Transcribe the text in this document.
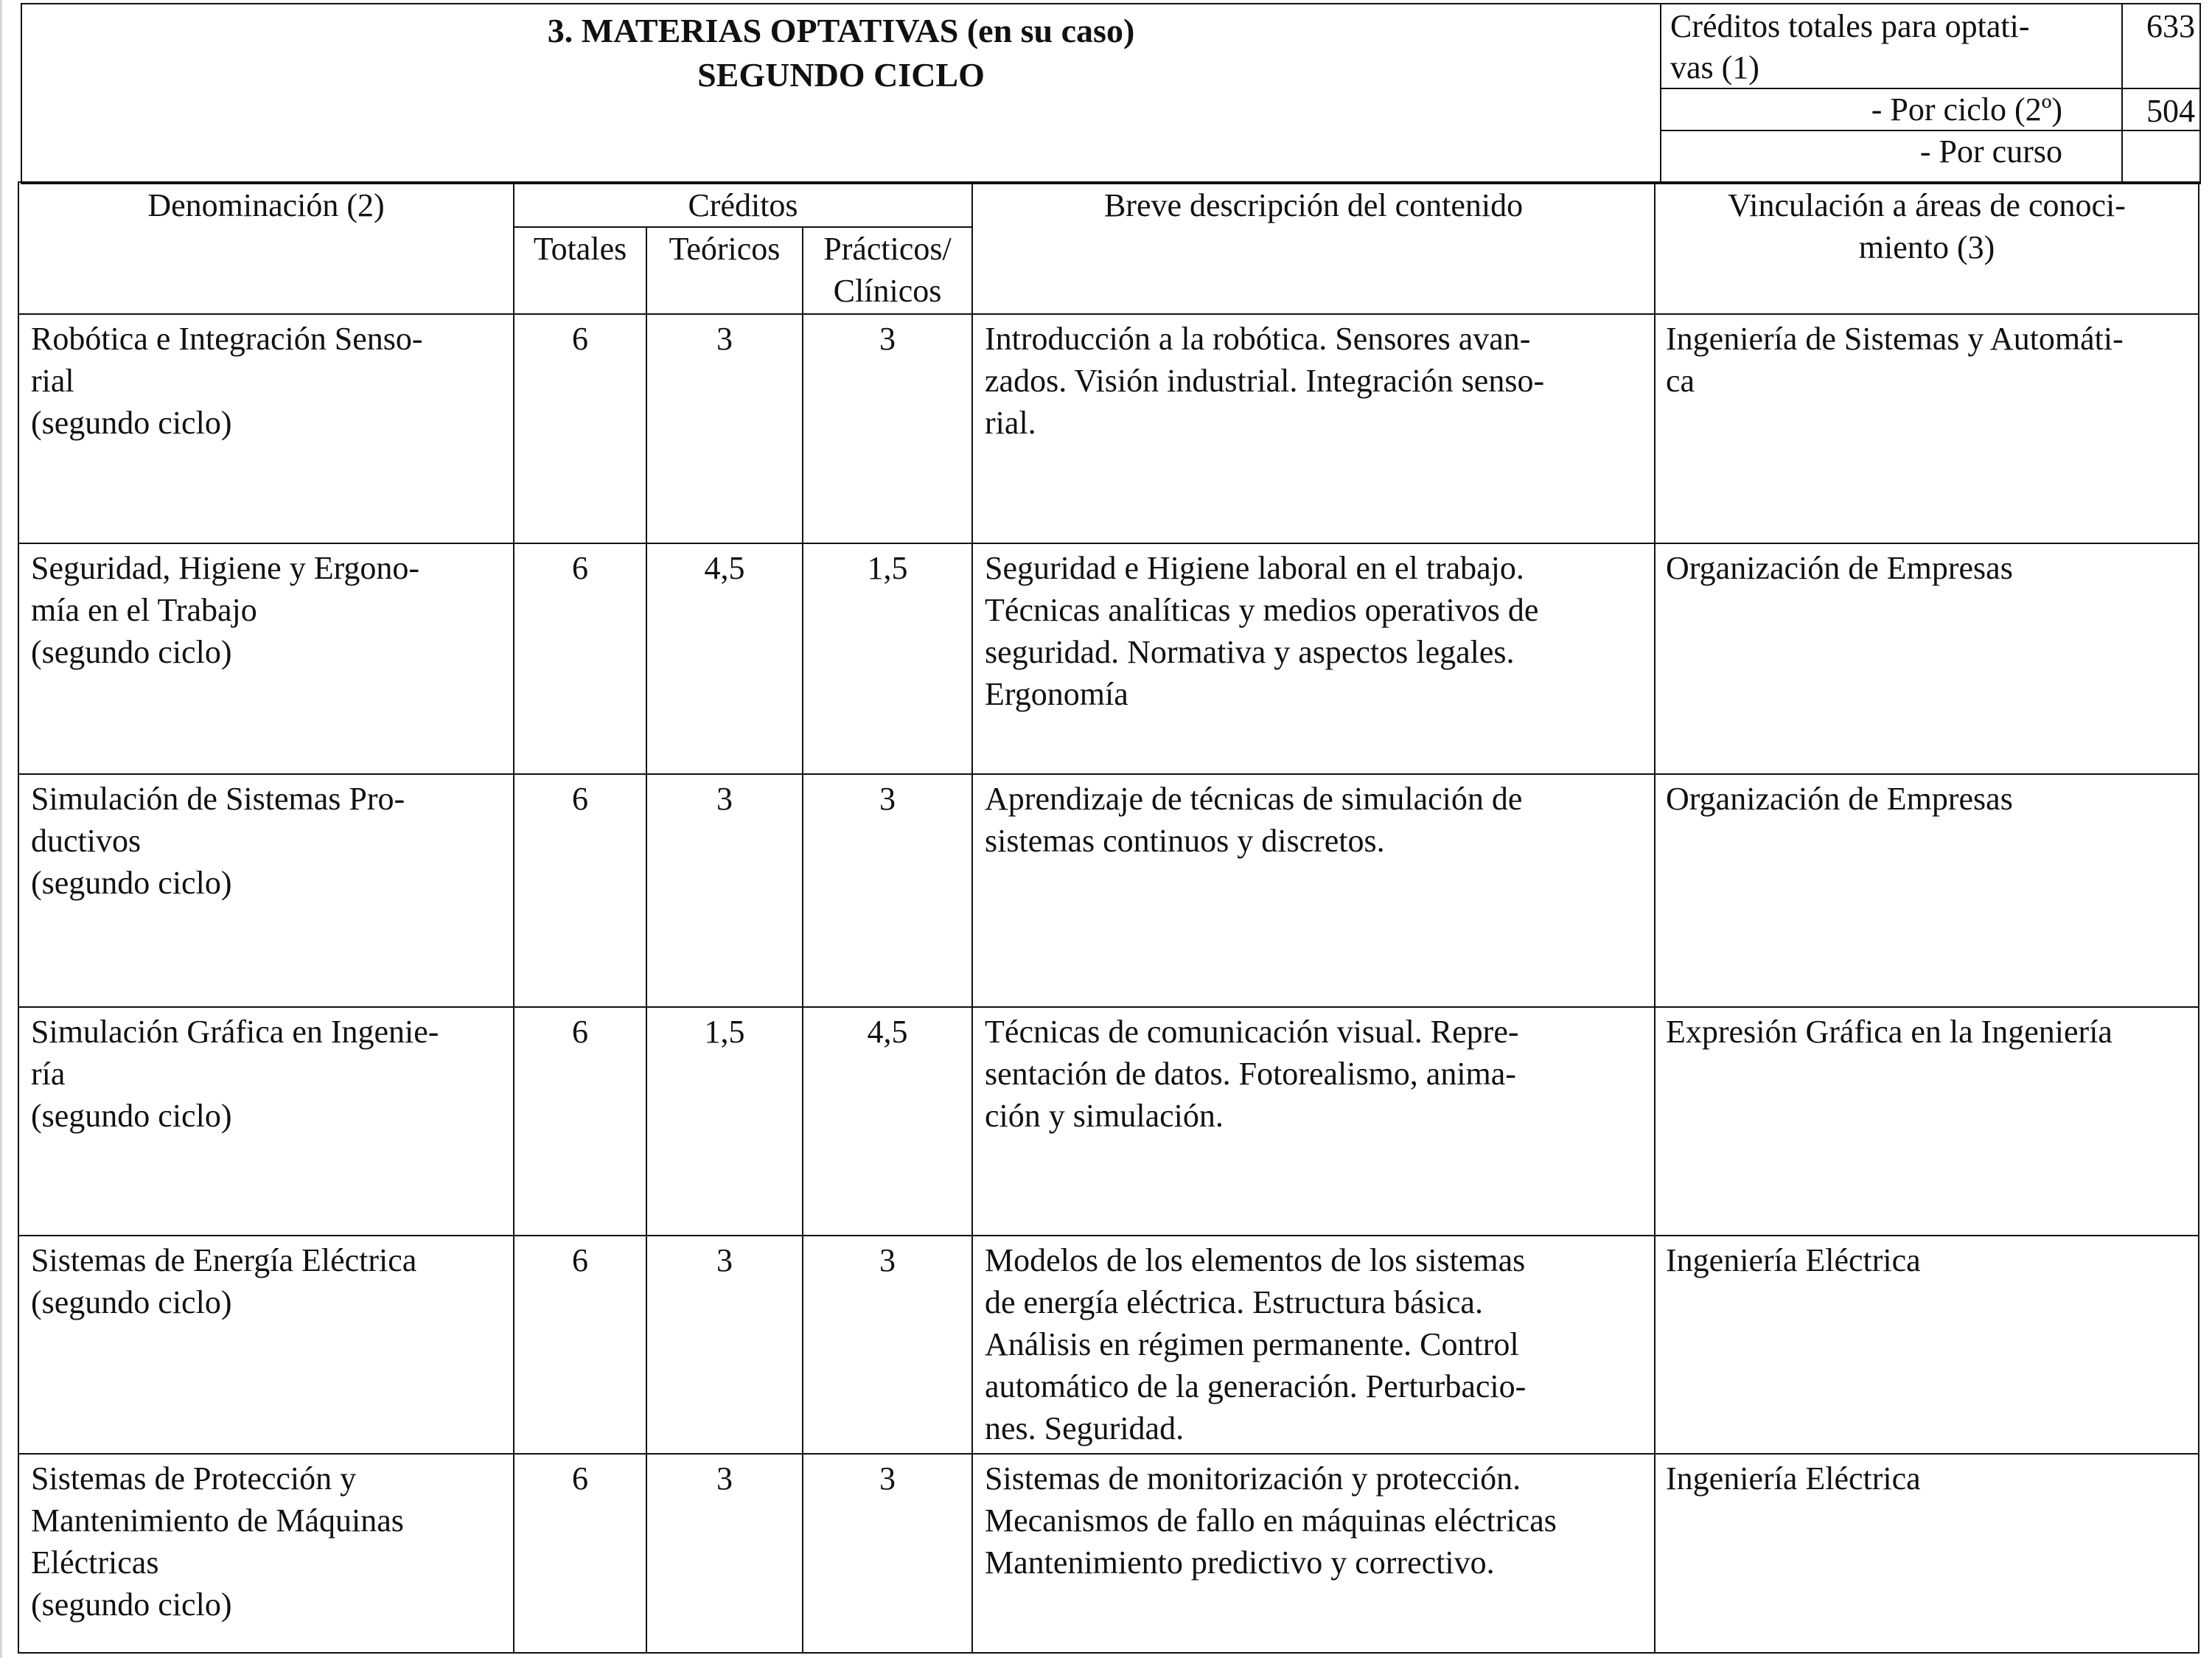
3. MATERIAS OPTATIVAS (en su caso)
SEGUNDO CICLO
Créditos totales para optati-
vas (1)
633
- Por ciclo (2º)	504
- Por curso
Denominación (2)	Créditos			Breve descripción del contenido	Vinculación a áreas de conoci-
miento (3)

	Totales	Teóricos	Prácticos/
Clínicos		

Robótica e Integración Senso-
rial
(segundo ciclo)	6	3	3	Introducción a la robótica. Sensores avan-
zados. Visión industrial. Integración senso-
rial.	Ingeniería de Sistemas y Automáti-
ca

Seguridad, Higiene y Ergono-
mía en el Trabajo
(segundo ciclo)	6	4,5	1,5	Seguridad e Higiene laboral en el trabajo.
Técnicas analíticas y medios operativos de
seguridad. Normativa y aspectos legales.
Ergonomía	Organización de Empresas

Simulación de Sistemas Pro-
ductivos
(segundo ciclo)	6	3	3	Aprendizaje de técnicas de simulación de
sistemas continuos y discretos.	Organización de Empresas

Simulación Gráfica en Ingenie-
ría
(segundo ciclo)	6	1,5	4,5	Técnicas de comunicación visual. Repre-
sentación de datos. Fotorealismo, anima-
ción y simulación.	Expresión Gráfica en la Ingeniería

Sistemas de Energía Eléctrica
(segundo ciclo)	6	3	3	Modelos de los elementos de los sistemas
de energía eléctrica. Estructura básica.
Análisis en régimen permanente. Control
automático de la generación. Perturbacio-
nes. Seguridad.	Ingeniería Eléctrica

Sistemas de Protección y
Mantenimiento de Máquinas
Eléctricas
(segundo ciclo)	6	3	3	Sistemas de monitorización y protección.
Mecanismos de fallo en máquinas eléctricas
Mantenimiento predictivo y correctivo.	Ingeniería Eléctrica
